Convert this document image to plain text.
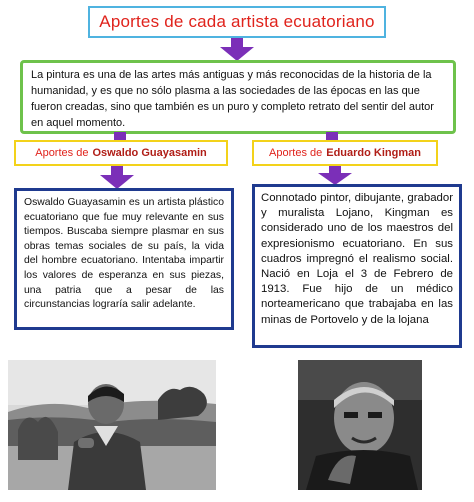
Aportes de cada artista ecuatoriano
La pintura es una de las artes más antiguas y más reconocidas de la historia de la humanidad, y es que no sólo plasma a las sociedades de las épocas en las que fueron creadas, sino que también es un puro y completo retrato del sentir del autor en aquel momento.
Aportes de Oswaldo Guayasamin	Aportes de Eduardo Kingman
Oswaldo Guayasamin es un artista plástico ecuatoriano que fue muy relevante en sus tiempos. Buscaba siempre plasmar en sus obras temas sociales de su país, la vida del hombre ecuatoriano. Intentaba impartir los valores de esperanza en sus piezas, una patria que a pesar de las circunstancias lograría salir adelante.
Connotado pintor, dibujante, grabador y muralista Lojano, Kingman es considerado uno de los maestros del expresionismo ecuatoriano. En sus cuadros impregnó el realismo social. Nació en Loja el 3 de Febrero de 1913. Fue hijo de un médico norteamericano que trabajaba en las minas de Portovelo y de la lojana
